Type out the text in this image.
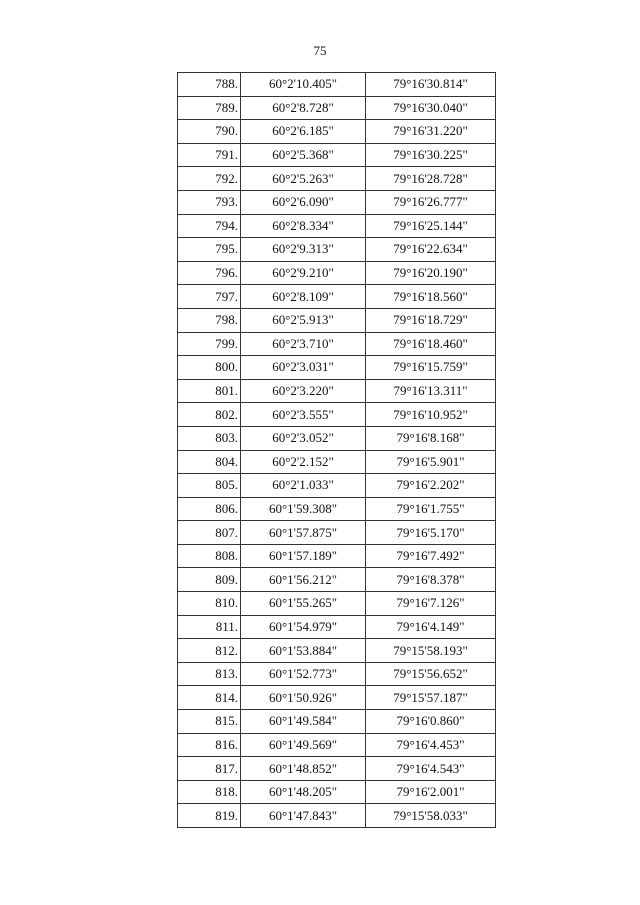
75
788.	60°2'10.405"	79°16'30.814"
789.	60°2'8.728"	79°16'30.040"
790.	60°2'6.185"	79°16'31.220"
791.	60°2'5.368"	79°16'30.225"
792.	60°2'5.263"	79°16'28.728"
793.	60°2'6.090"	79°16'26.777"
794.	60°2'8.334"	79°16'25.144"
795.	60°2'9.313"	79°16'22.634"
796.	60°2'9.210"	79°16'20.190"
797.	60°2'8.109"	79°16'18.560"
798.	60°2'5.913"	79°16'18.729"
799.	60°2'3.710"	79°16'18.460"
800.	60°2'3.031"	79°16'15.759"
801.	60°2'3.220"	79°16'13.311"
802.	60°2'3.555"	79°16'10.952"
803.	60°2'3.052"	79°16'8.168"
804.	60°2'2.152"	79°16'5.901"
805.	60°2'1.033"	79°16'2.202"
806.	60°1'59.308"	79°16'1.755"
807.	60°1'57.875"	79°16'5.170"
808.	60°1'57.189"	79°16'7.492"
809.	60°1'56.212"	79°16'8.378"
810.	60°1'55.265"	79°16'7.126"
811.	60°1'54.979"	79°16'4.149"
812.	60°1'53.884"	79°15'58.193"
813.	60°1'52.773"	79°15'56.652"
814.	60°1'50.926"	79°15'57.187"
815.	60°1'49.584"	79°16'0.860"
816.	60°1'49.569"	79°16'4.453"
817.	60°1'48.852"	79°16'4.543"
818.	60°1'48.205"	79°16'2.001"
819.	60°1'47.843"	79°15'58.033"
